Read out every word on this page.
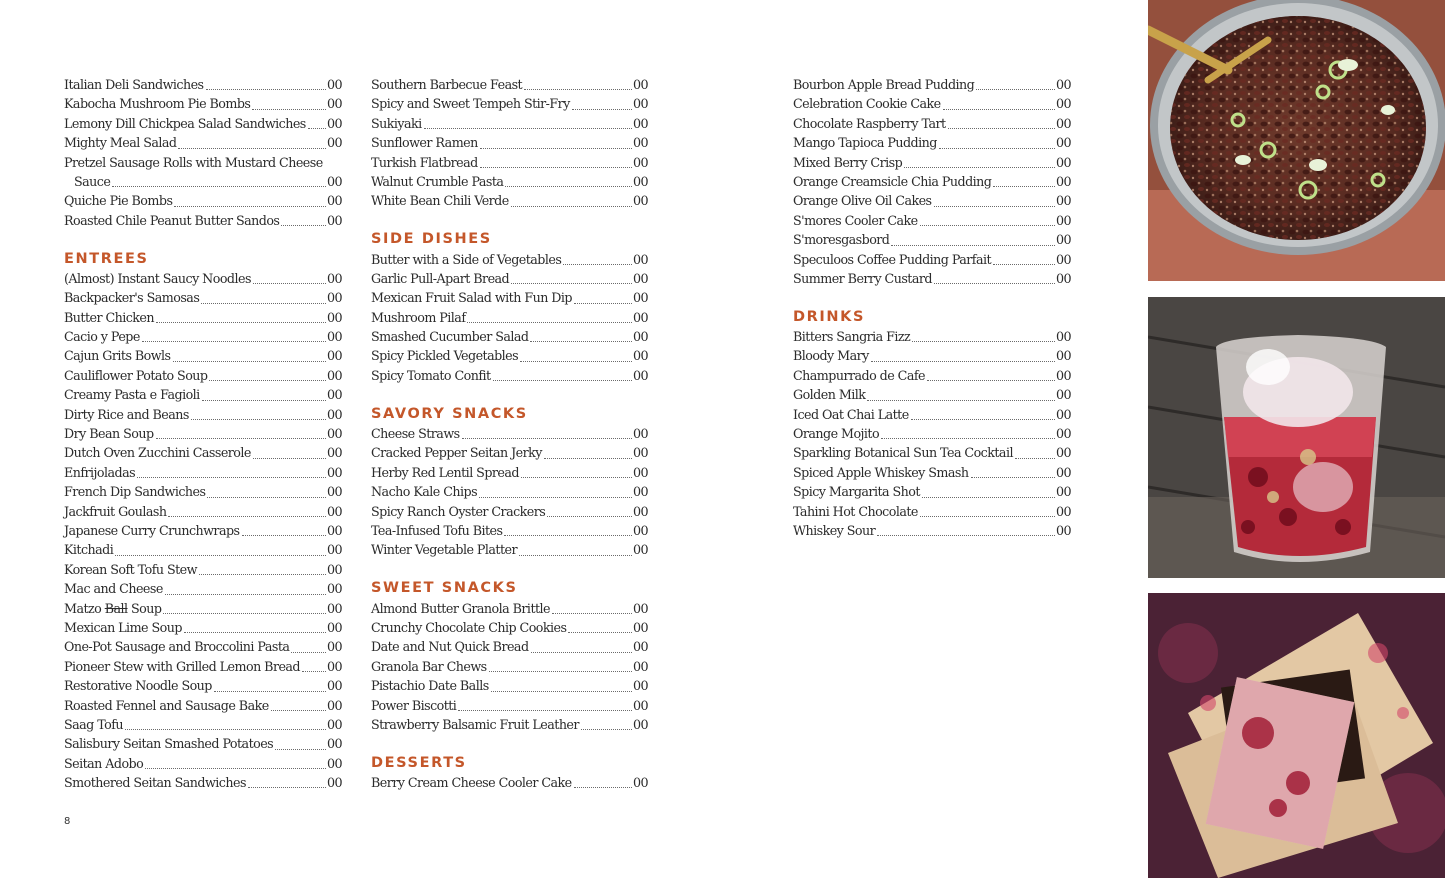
Italian Deli Sandwiches	00
Kabocha Mushroom Pie Bombs	00
Lemony Dill Chickpea Salad Sandwiches 00
Mighty Meal Salad	00
Pretzel Sausage Rolls with Mustard Cheese
Sauce	00
Quiche Pie Bombs	00
Roasted Chile Peanut Butter Sandos	00
ENTREES
(Almost) Instant Saucy Noodles	00
Backpacker's Samosas	00
Butter Chicken	00
Cacio y Pepe	00
Cajun Grits Bowls	00
Cauliflower Potato Soup	00
Creamy Pasta e Fagioli	00
Dirty Rice and Beans	00
Dry Bean Soup	00
Dutch Oven Zucchini Casserole	00
Enfrijoladas	00
French Dip Sandwiches	00
Jackfruit Goulash	00
Japanese Curry Crunchwraps	00
Kitchadi	00
Korean Soft Tofu Stew	00
Mac and Cheese	00
Matzo Ball Soup	00
Mexican Lime Soup	00
One-Pot Sausage and Broccolini Pasta	00
Pioneer Stew with Grilled Lemon Bread 00
Restorative Noodle Soup	00
Roasted Fennel and Sausage Bake	00
Saag Tofu	00
Salisbury Seitan Smashed Potatoes	00
Seitan Adobo	00
Smothered Seitan Sandwiches	00
Southern Barbecue Feast	00
Spicy and Sweet Tempeh Stir-Fry	00
Sukiyaki	00
Sunflower Ramen	00
Turkish Flatbread	00
Walnut Crumble Pasta	00
White Bean Chili Verde	00
SIDE DISHES
Butter with a Side of Vegetables	00
Garlic Pull-Apart Bread	00
Mexican Fruit Salad with Fun Dip	00
Mushroom Pilaf	00
Smashed Cucumber Salad	00
Spicy Pickled Vegetables	00
Spicy Tomato Confit	00
SAVORY SNACKS
Cheese Straws	00
Cracked Pepper Seitan Jerky	00
Herby Red Lentil Spread	00
Nacho Kale Chips	00
Spicy Ranch Oyster Crackers	00
Tea-Infused Tofu Bites	00
Winter Vegetable Platter	00
SWEET SNACKS
Almond Butter Granola Brittle	00
Crunchy Chocolate Chip Cookies	00
Date and Nut Quick Bread	00
Granola Bar Chews	00
Pistachio Date Balls	00
Power Biscotti	00
Strawberry Balsamic Fruit Leather	00
DESSERTS
Berry Cream Cheese Cooler Cake	00
Bourbon Apple Bread Pudding	00
Celebration Cookie Cake	00
Chocolate Raspberry Tart	00
Mango Tapioca Pudding	00
Mixed Berry Crisp	00
Orange Creamsicle Chia Pudding	00
Orange Olive Oil Cakes	00
S'mores Cooler Cake	00
S'moresgasbord	00
Speculoos Coffee Pudding Parfait	00
Summer Berry Custard	00
DRINKS
Bitters Sangria Fizz	00
Bloody Mary	00
Champurrado de Cafe	00
Golden Milk	00
Iced Oat Chai Latte	00
Orange Mojito	00
Sparkling Botanical Sun Tea Cocktail	00
Spiced Apple Whiskey Smash	00
Spicy Margarita Shot	00
Tahini Hot Chocolate	00
Whiskey Sour	00
8
